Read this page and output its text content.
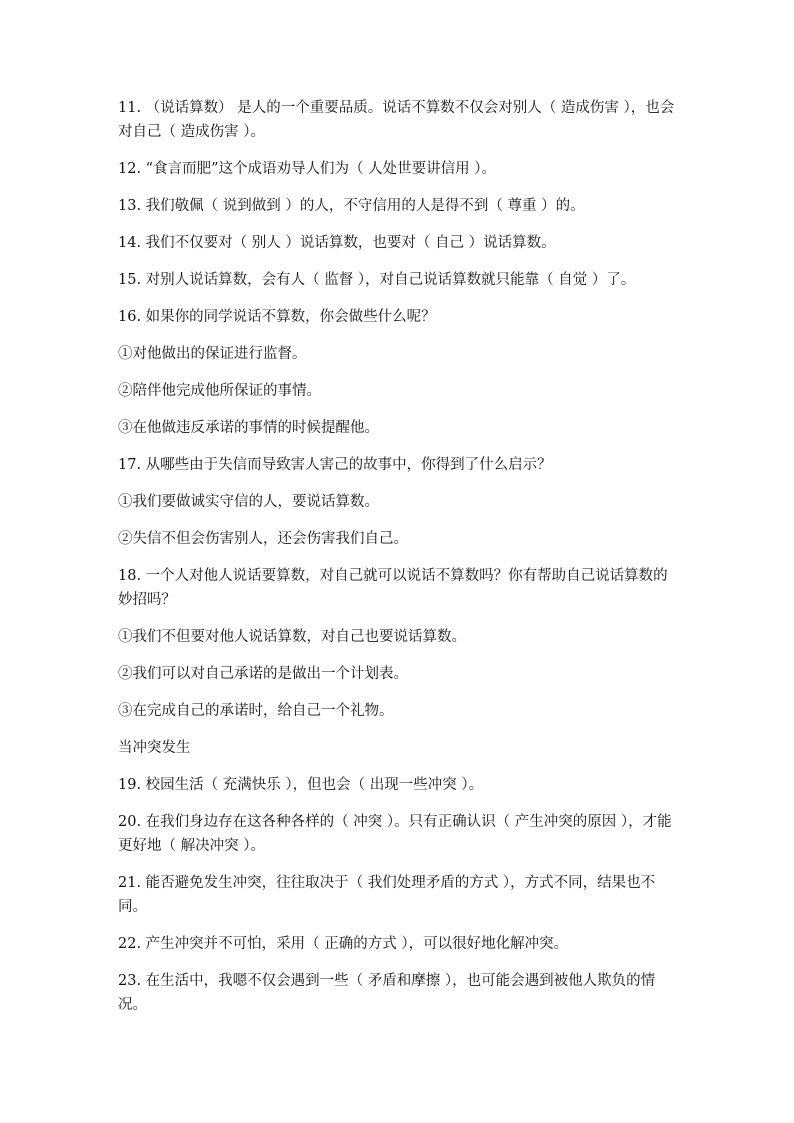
11. （说话算数） 是人的一个重要品质。说话不算数不仅会对别人（ 造成伤害 ），也会对自己（ 造成伤害 ）。

12. “食言而肥”这个成语劝导人们为（ 人处世要讲信用 ）。

13. 我们敬佩（ 说到做到 ）的人，不守信用的人是得不到（ 尊重 ）的。

14. 我们不仅要对（ 别人 ）说话算数，也要对（ 自己 ）说话算数。

15. 对别人说话算数，会有人（ 监督 ），对自己说话算数就只能靠（ 自觉 ）了。

16. 如果你的同学说话不算数，你会做些什么呢？

①对他做出的保证进行监督。

②陪伴他完成他所保证的事情。

③在他做违反承诺的事情的时候提醒他。

17. 从哪些由于失信而导致害人害己的故事中，你得到了什么启示？

①我们要做诚实守信的人，要说话算数。

②失信不但会伤害别人，还会伤害我们自己。

18. 一个人对他人说话要算数，对自己就可以说话不算数吗？你有帮助自己说话算数的妙招吗？

①我们不但要对他人说话算数，对自己也要说话算数。

②我们可以对自己承诺的是做出一个计划表。

③在完成自己的承诺时，给自己一个礼物。

当冲突发生

19. 校园生活（ 充满快乐 ），但也会（ 出现一些冲突 ）。

20. 在我们身边存在这各种各样的（ 冲突 ）。只有正确认识（ 产生冲突的原因 ），才能更好地（ 解决冲突 ）。

21. 能否避免发生冲突，往往取决于（ 我们处理矛盾的方式 ），方式不同，结果也不同。

22. 产生冲突并不可怕，采用（ 正确的方式 ），可以很好地化解冲突。

23. 在生活中，我嗯不仅会遇到一些（ 矛盾和摩擦 ），也可能会遇到被他人欺负的情况。
